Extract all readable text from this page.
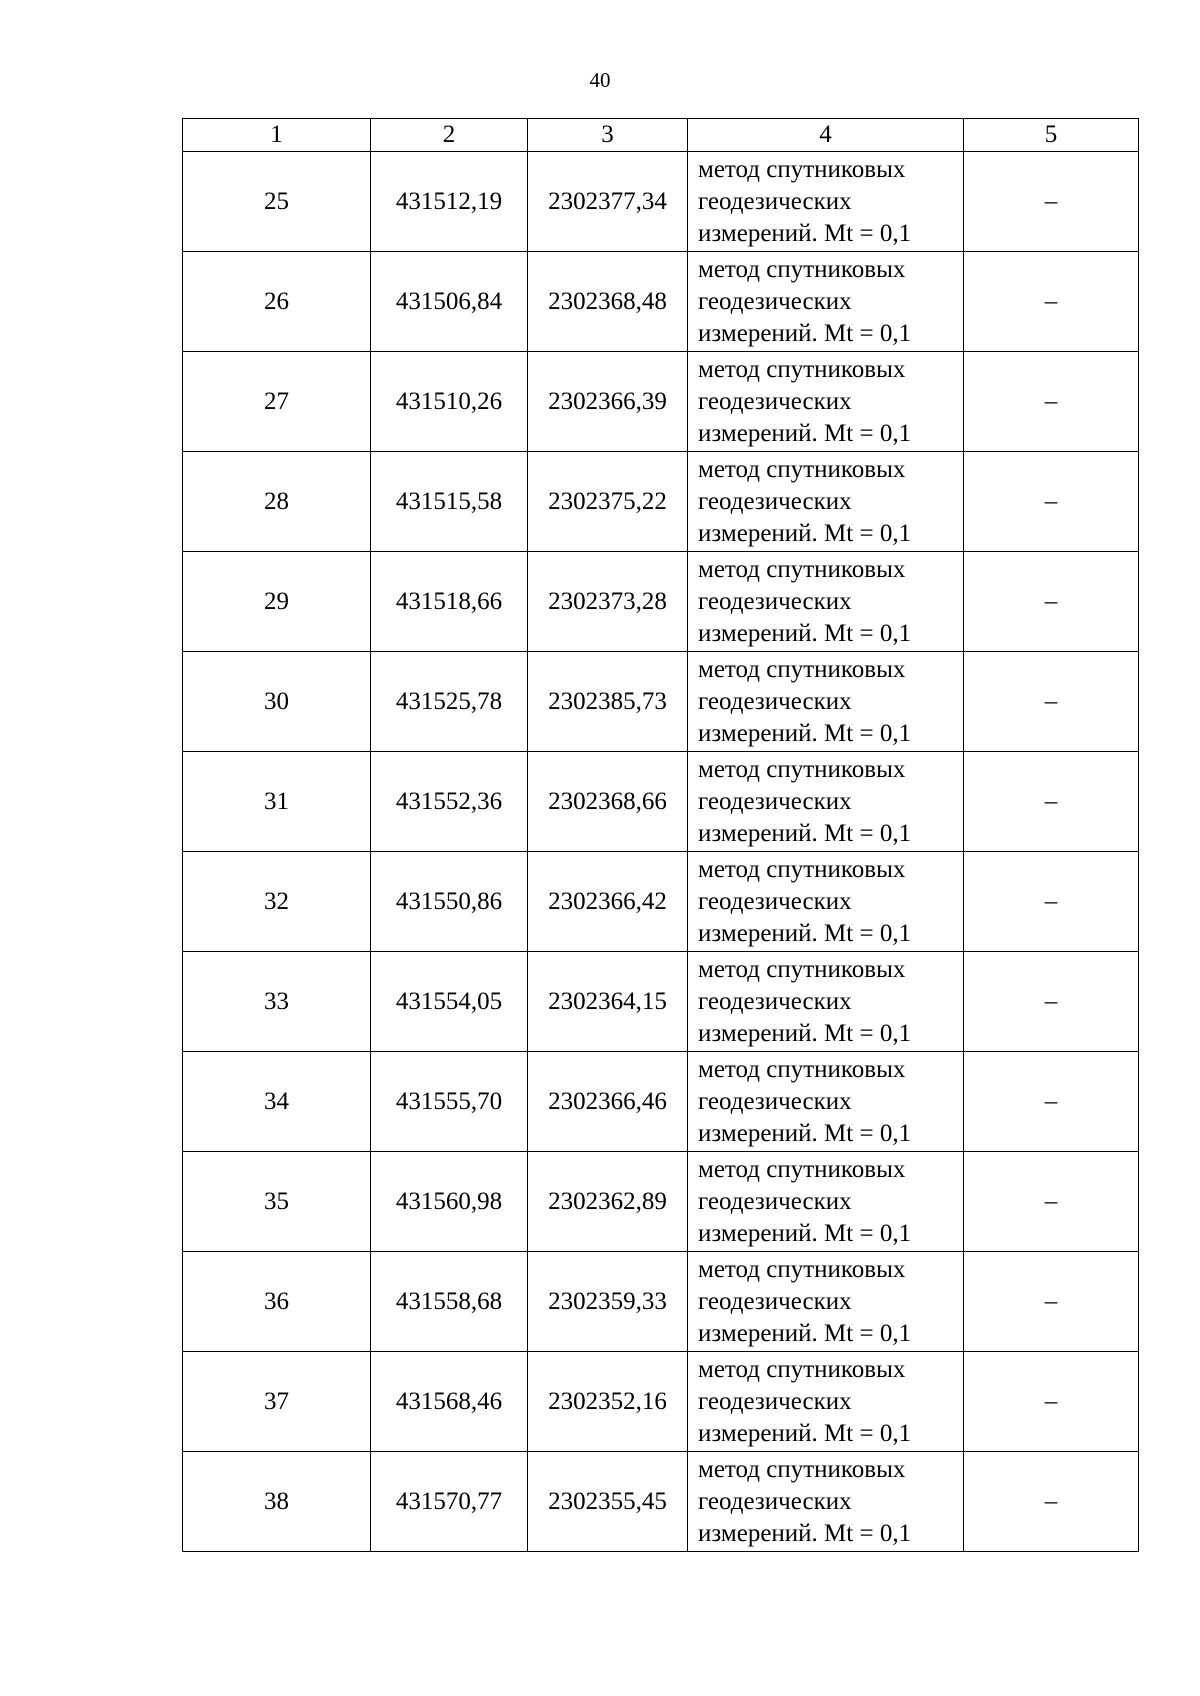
40
1	2	3	4	5
25	431512,19	2302377,34	метод спутниковых
геодезических
измерений. Mt = 0,1	–
26	431506,84	2302368,48	метод спутниковых
геодезических
измерений. Mt = 0,1	–
27	431510,26	2302366,39	метод спутниковых
геодезических
измерений. Mt = 0,1	–
28	431515,58	2302375,22	метод спутниковых
геодезических
измерений. Mt = 0,1	–
29	431518,66	2302373,28	метод спутниковых
геодезических
измерений. Mt = 0,1	–
30	431525,78	2302385,73	метод спутниковых
геодезических
измерений. Mt = 0,1	–
31	431552,36	2302368,66	метод спутниковых
геодезических
измерений. Mt = 0,1	–
32	431550,86	2302366,42	метод спутниковых
геодезических
измерений. Mt = 0,1	–
33	431554,05	2302364,15	метод спутниковых
геодезических
измерений. Mt = 0,1	–
34	431555,70	2302366,46	метод спутниковых
геодезических
измерений. Mt = 0,1	–
35	431560,98	2302362,89	метод спутниковых
геодезических
измерений. Mt = 0,1	–
36	431558,68	2302359,33	метод спутниковых
геодезических
измерений. Mt = 0,1	–
37	431568,46	2302352,16	метод спутниковых
геодезических
измерений. Mt = 0,1	–
38	431570,77	2302355,45	метод спутниковых
геодезических
измерений. Mt = 0,1	–
